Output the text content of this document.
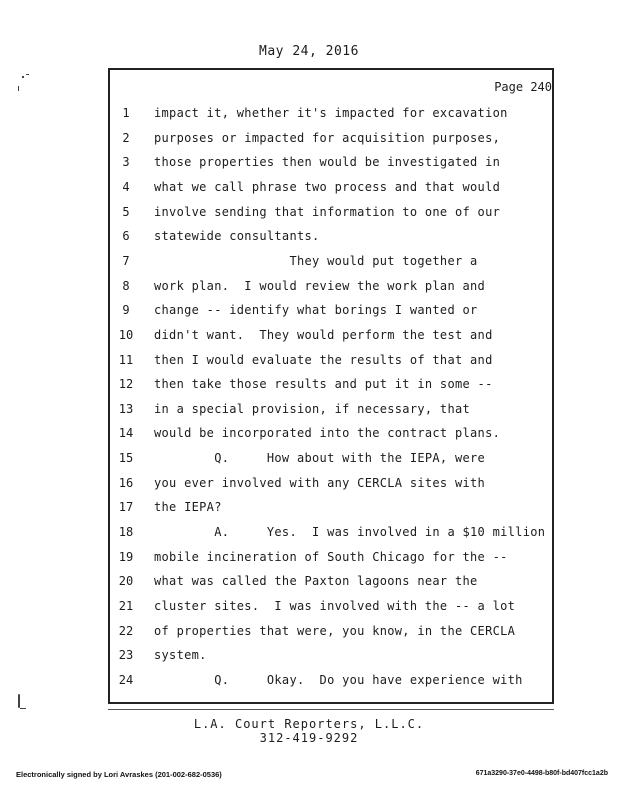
May 24, 2016
Page 240
1	impact it, whether it's impacted for excavation
2	purposes or impacted for acquisition purposes,
3	those properties then would be investigated in
4	what we call phrase two process and that would
5	involve sending that information to one of our
6	statewide consultants.
7	They would put together a
8	work plan.  I would review the work plan and
9	change -- identify what borings I wanted or
10	didn't want.  They would perform the test and
11	then I would evaluate the results of that and
12	then take those results and put it in some --
13	in a special provision, if necessary, that
14	would be incorporated into the contract plans.
15	Q.     How about with the IEPA, were
16	you ever involved with any CERCLA sites with
17	the IEPA?
18	A.     Yes.  I was involved in a $10 million
19	mobile incineration of South Chicago for the --
20	what was called the Paxton lagoons near the
21	cluster sites.  I was involved with the -- a lot
22	of properties that were, you know, in the CERCLA
23	system.
24	Q.     Okay.  Do you have experience with
L.A. Court Reporters, L.L.C.
312-419-9292
Electronically signed by Lori Avraskes (201-002-682-0536)	671a3290-37e0-4498-b80f-bd407fcc1a2b
